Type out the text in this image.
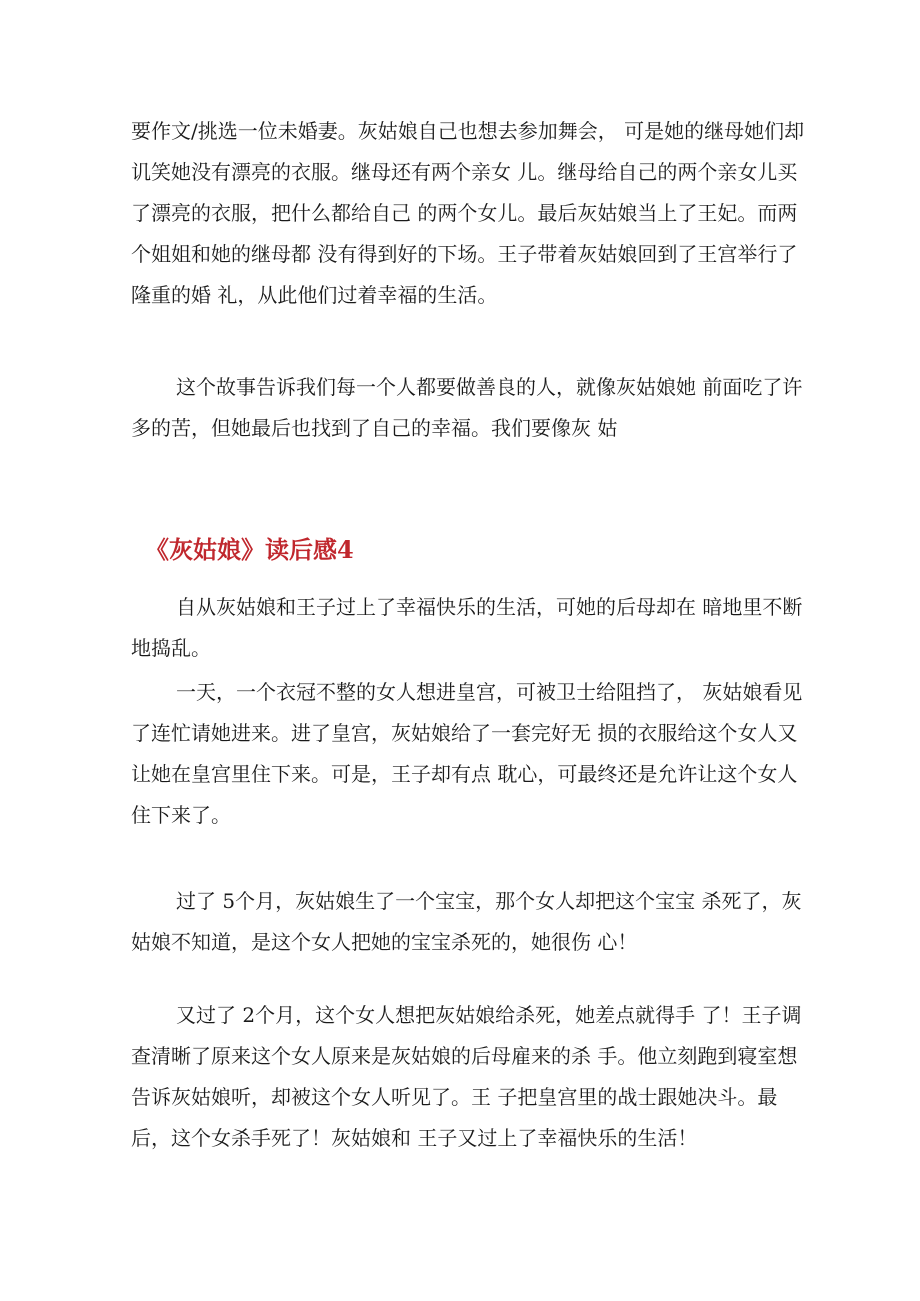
要作文/挑选一位未婚妻。灰姑娘自己也想去参加舞会， 可是她的继母她们却讥笑她没有漂亮的衣服。继母还有两个亲女 儿。继母给自己的两个亲女儿买了漂亮的衣服，把什么都给自己 的两个女儿。最后灰姑娘当上了王妃。而两个姐姐和她的继母都 没有得到好的下场。王子带着灰姑娘回到了王宫举行了隆重的婚 礼，从此他们过着幸福的生活。

这个故事告诉我们每一个人都要做善良的人，就像灰姑娘她 前面吃了许多的苦，但她最后也找到了自己的幸福。我们要像灰 姑

《灰姑娘》读后感4

自从灰姑娘和王子过上了幸福快乐的生活，可她的后母却在 暗地里不断地捣乱。

一天，一个衣冠不整的女人想进皇宫，可被卫士给阻挡了， 灰姑娘看见了连忙请她进来。进了皇宫，灰姑娘给了一套完好无 损的衣服给这个女人又让她在皇宫里住下来。可是，王子却有点 耽心，可最终还是允许让这个女人住下来了。

过了 5个月，灰姑娘生了一个宝宝，那个女人却把这个宝宝 杀死了，灰姑娘不知道，是这个女人把她的宝宝杀死的，她很伤 心！

又过了 2个月，这个女人想把灰姑娘给杀死，她差点就得手 了！王子调查清晰了原来这个女人原来是灰姑娘的后母雇来的杀 手。他立刻跑到寝室想告诉灰姑娘听，却被这个女人听见了。王 子把皇宫里的战士跟她决斗。最后，这个女杀手死了！灰姑娘和 王子又过上了幸福快乐的生活！
